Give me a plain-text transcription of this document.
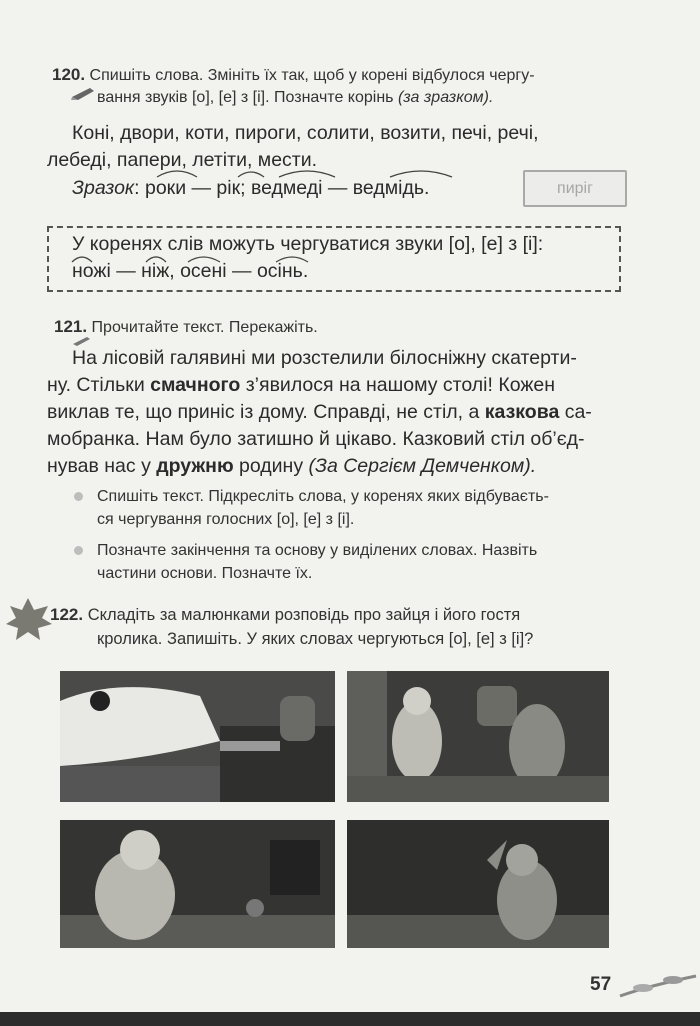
120. Спишіть слова. Змініть їх так, щоб у корені відбулося чергу-

вання звуків [о], [е] з [і]. Позначте корінь (за зразком).

Коні, двори, коти, пироги, солити, возити, печі, речі,

лебеді, папери, летіти, мести.

Зразок: роки — рік; ведмеді — ведмідь.	пиріг

У коренях слів можуть чергуватися звуки [о], [е] з [і]:

ножі — ніж, осені — осінь.

121. Прочитайте текст. Перекажіть.

На лісовій галявині ми розстелили білосніжну скатерти-
ну. Стільки смачного з’явилося на нашому столі! Кожен
виклав те, що приніс із дому. Справді, не стіл, а казкова са-
мобранка. Нам було затишно й цікаво. Казковий стіл об’єд-
нував нас у дружню родину (За Сергієм Демченком).

Спишіть текст. Підкресліть слова, у коренях яких відбуваєть-

ся чергування голосних [о], [е] з [і].

Позначте закінчення та основу у виділених словах. Назвіть

частини основи. Позначте їх.

122. Складіть за малюнками розповідь про зайця і його гостя

кролика. Запишіть. У яких словах чергуються [о], [е] з [і]?

57
